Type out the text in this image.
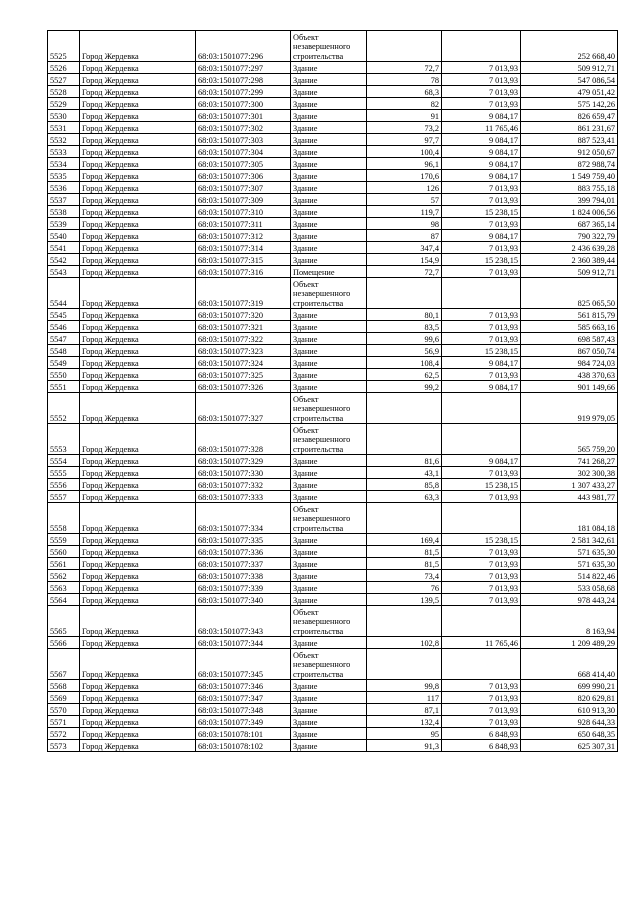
5525	Город Жердевка	68:03:1501077:296	Объект незавершенного строительства			252 668,40
5526	Город Жердевка	68:03:1501077:297	Здание	72,7	7 013,93	509 912,71
5527	Город Жердевка	68:03:1501077:298	Здание	78	7 013,93	547 086,54
5528	Город Жердевка	68:03:1501077:299	Здание	68,3	7 013,93	479 051,42
5529	Город Жердевка	68:03:1501077:300	Здание	82	7 013,93	575 142,26
5530	Город Жердевка	68:03:1501077:301	Здание	91	9 084,17	826 659,47
5531	Город Жердевка	68:03:1501077:302	Здание	73,2	11 765,46	861 231,67
5532	Город Жердевка	68:03:1501077:303	Здание	97,7	9 084,17	887 523,41
5533	Город Жердевка	68:03:1501077:304	Здание	100,4	9 084,17	912 050,67
5534	Город Жердевка	68:03:1501077:305	Здание	96,1	9 084,17	872 988,74
5535	Город Жердевка	68:03:1501077:306	Здание	170,6	9 084,17	1 549 759,40
5536	Город Жердевка	68:03:1501077:307	Здание	126	7 013,93	883 755,18
5537	Город Жердевка	68:03:1501077:309	Здание	57	7 013,93	399 794,01
5538	Город Жердевка	68:03:1501077:310	Здание	119,7	15 238,15	1 824 006,56
5539	Город Жердевка	68:03:1501077:311	Здание	98	7 013,93	687 365,14
5540	Город Жердевка	68:03:1501077:312	Здание	87	9 084,17	790 322,79
5541	Город Жердевка	68:03:1501077:314	Здание	347,4	7 013,93	2 436 639,28
5542	Город Жердевка	68:03:1501077:315	Здание	154,9	15 238,15	2 360 389,44
5543	Город Жердевка	68:03:1501077:316	Помещение	72,7	7 013,93	509 912,71
5544	Город Жердевка	68:03:1501077:319	Объект незавершенного строительства			825 065,50
5545	Город Жердевка	68:03:1501077:320	Здание	80,1	7 013,93	561 815,79
5546	Город Жердевка	68:03:1501077:321	Здание	83,5	7 013,93	585 663,16
5547	Город Жердевка	68:03:1501077:322	Здание	99,6	7 013,93	698 587,43
5548	Город Жердевка	68:03:1501077:323	Здание	56,9	15 238,15	867 050,74
5549	Город Жердевка	68:03:1501077:324	Здание	108,4	9 084,17	984 724,03
5550	Город Жердевка	68:03:1501077:325	Здание	62,5	7 013,93	438 370,63
5551	Город Жердевка	68:03:1501077:326	Здание	99,2	9 084,17	901 149,66
5552	Город Жердевка	68:03:1501077:327	Объект незавершенного строительства			919 979,05
5553	Город Жердевка	68:03:1501077:328	Объект незавершенного строительства			565 759,20
5554	Город Жердевка	68:03:1501077:329	Здание	81,6	9 084,17	741 268,27
5555	Город Жердевка	68:03:1501077:330	Здание	43,1	7 013,93	302 300,38
5556	Город Жердевка	68:03:1501077:332	Здание	85,8	15 238,15	1 307 433,27
5557	Город Жердевка	68:03:1501077:333	Здание	63,3	7 013,93	443 981,77
5558	Город Жердевка	68:03:1501077:334	Объект незавершенного строительства			181 084,18
5559	Город Жердевка	68:03:1501077:335	Здание	169,4	15 238,15	2 581 342,61
5560	Город Жердевка	68:03:1501077:336	Здание	81,5	7 013,93	571 635,30
5561	Город Жердевка	68:03:1501077:337	Здание	81,5	7 013,93	571 635,30
5562	Город Жердевка	68:03:1501077:338	Здание	73,4	7 013,93	514 822,46
5563	Город Жердевка	68:03:1501077:339	Здание	76	7 013,93	533 058,68
5564	Город Жердевка	68:03:1501077:340	Здание	139,5	7 013,93	978 443,24
5565	Город Жердевка	68:03:1501077:343	Объект незавершенного строительства			8 163,94
5566	Город Жердевка	68:03:1501077:344	Здание	102,8	11 765,46	1 209 489,29
5567	Город Жердевка	68:03:1501077:345	Объект незавершенного строительства			668 414,40
5568	Город Жердевка	68:03:1501077:346	Здание	99,8	7 013,93	699 990,21
5569	Город Жердевка	68:03:1501077:347	Здание	117	7 013,93	820 629,81
5570	Город Жердевка	68:03:1501077:348	Здание	87,1	7 013,93	610 913,30
5571	Город Жердевка	68:03:1501077:349	Здание	132,4	7 013,93	928 644,33
5572	Город Жердевка	68:03:1501078:101	Здание	95	6 848,93	650 648,35
5573	Город Жердевка	68:03:1501078:102	Здание	91,3	6 848,93	625 307,31
